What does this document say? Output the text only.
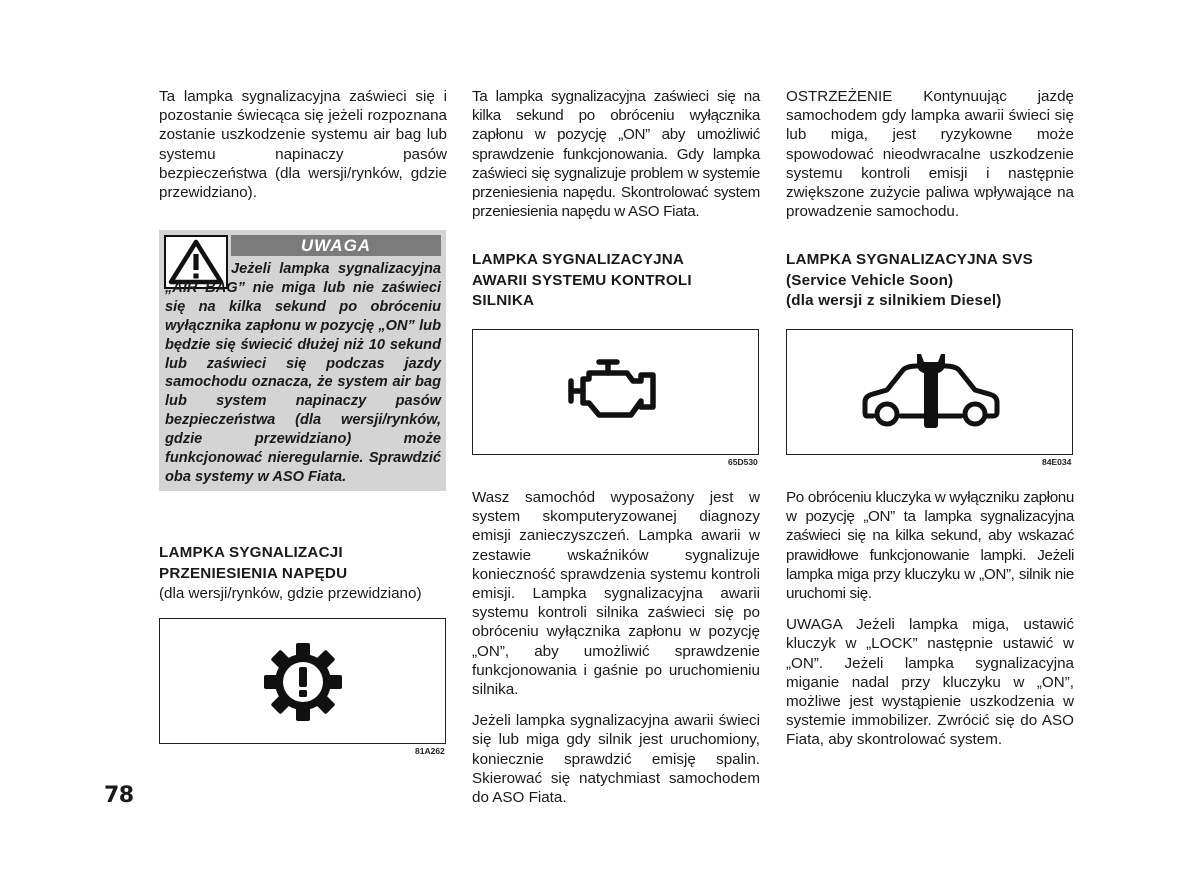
Ta lampka sygnalizacyjna zaświeci się i pozostanie świecąca się jeżeli rozpoznana zostanie uszkodzenie systemu air bag lub systemu napinaczy pasów bezpieczeństwa (dla wersji/rynków, gdzie przewidziano).

UWAGA

Jeżeli lampka sygnalizacyjna „AIR BAG” nie miga lub nie zaświeci się na kilka sekund po obróceniu wyłącznika zapłonu w pozycję „ON” lub będzie się świecić dłużej niż 10 sekund lub zaświeci się podczas jazdy samochodu oznacza, że system air bag lub system napinaczy pasów bezpieczeństwa (dla wersji/rynków, gdzie przewidziano) może funkcjonować nieregularnie. Sprawdzić oba systemy w ASO Fiata.

LAMPKA SYGNALIZACJI

PRZENIESIENIA NAPĘDU

(dla wersji/rynków, gdzie przewidziano)

81A262

Ta lampka sygnalizacyjna zaświeci się na kilka sekund po obróceniu wyłącznika zapłonu w pozycję „ON” aby umożliwić sprawdzenie funkcjonowania. Gdy lampka zaświeci się sygnalizuje problem w systemie przeniesienia napędu. Skontrolować system przeniesienia napędu w ASO Fiata.

LAMPKA SYGNALIZACYJNA

AWARII SYSTEMU KONTROLI

SILNIKA

65D530

Wasz samochód wyposażony jest w system skomputeryzowanej diagnozy emisji zanieczyszczeń. Lampka awarii w zestawie wskaźników sygnalizuje konieczność sprawdzenia systemu kontroli emisji. Lampka sygnalizacyjna awarii systemu kontroli silnika zaświeci się po obróceniu wyłącznika zapłonu w pozycję „ON”, aby umożliwić sprawdzenie funkcjonowania i gaśnie po uruchomieniu silnika.

Jeżeli lampka sygnalizacyjna awarii świeci się lub miga gdy silnik jest uruchomiony, koniecznie sprawdzić emisję spalin. Skierować się natychmiast samochodem do ASO Fiata.

OSTRZEŻENIE Kontynuując jazdę samochodem gdy lampka awarii świeci się lub miga, jest ryzykowne może spowodować nieodwracalne uszkodzenie systemu kontroli emisji i następnie zwiększone zużycie paliwa wpływające na prowadzenie samochodu.

LAMPKA SYGNALIZACYJNA SVS

(Service Vehicle Soon)

(dla wersji z silnikiem Diesel)

84E034

Po obróceniu kluczyka w wyłączniku zapłonu w pozycję „ON” ta lampka sygnalizacyjna zaświeci się na kilka sekund, aby wskazać prawidłowe funkcjonowanie lampki. Jeżeli lampka miga przy kluczyku w „ON”, silnik nie uruchomi się.

UWAGA Jeżeli lampka miga, ustawić kluczyk w „LOCK” następnie ustawić w „ON”. Jeżeli lampka sygnalizacyjna miganie nadal przy kluczyku w „ON”, możliwe jest wystąpienie uszkodzenia w systemie immobilizer. Zwrócić się do ASO Fiata, aby skontrolować system.

78
